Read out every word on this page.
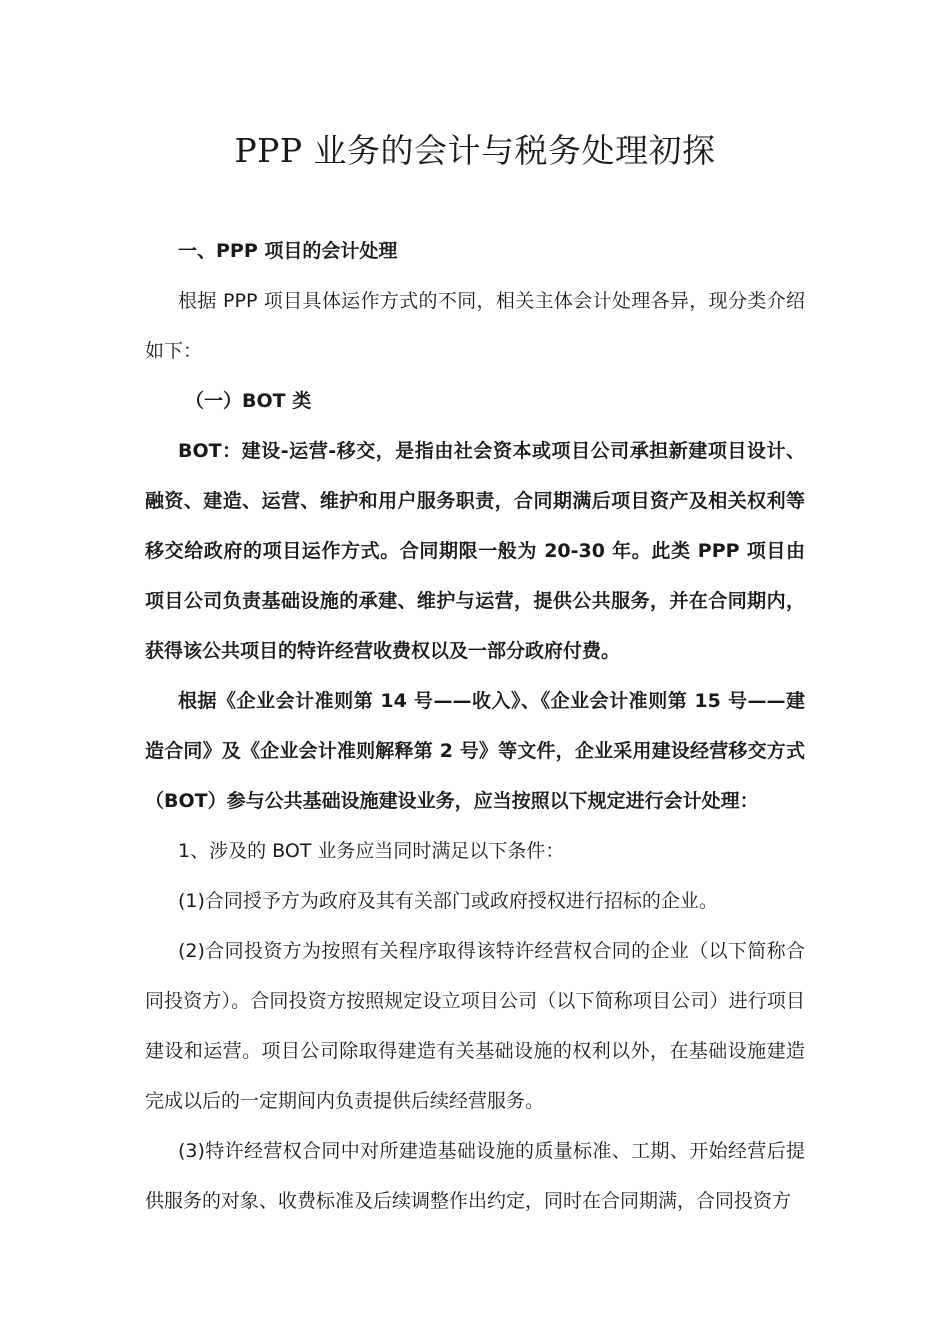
PPP 业务的会计与税务处理初探

一、PPP 项目的会计处理

根据 PPP 项目具体运作方式的不同，相关主体会计处理各异，现分类介绍如下：

（一）BOT 类

BOT：建设-运营-移交，是指由社会资本或项目公司承担新建项目设计、融资、建造、运营、维护和用户服务职责，合同期满后项目资产及相关权利等移交给政府的项目运作方式。合同期限一般为 20-30 年。此类 PPP 项目由项目公司负责基础设施的承建、维护与运营，提供公共服务，并在合同期内，获得该公共项目的特许经营收费权以及一部分政府付费。

根据《企业会计准则第 14 号——收入》、《企业会计准则第 15 号——建造合同》及《企业会计准则解释第 2 号》等文件，企业采用建设经营移交方式（BOT）参与公共基础设施建设业务，应当按照以下规定进行会计处理：

1、涉及的 BOT 业务应当同时满足以下条件：

(1)合同授予方为政府及其有关部门或政府授权进行招标的企业。

(2)合同投资方为按照有关程序取得该特许经营权合同的企业（以下简称合同投资方）。合同投资方按照规定设立项目公司（以下简称项目公司）进行项目建设和运营。项目公司除取得建造有关基础设施的权利以外，在基础设施建造完成以后的一定期间内负责提供后续经营服务。

(3)特许经营权合同中对所建造基础设施的质量标准、工期、开始经营后提供服务的对象、收费标准及后续调整作出约定，同时在合同期满，合同投资方
